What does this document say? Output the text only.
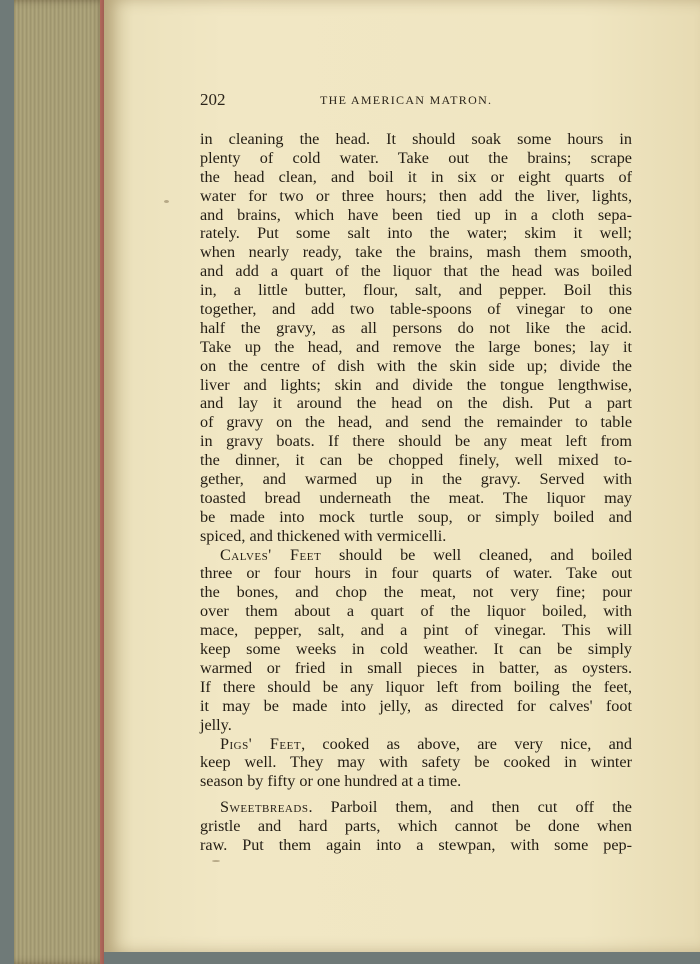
202	THE AMERICAN MATRON.
in cleaning the head. It should soak some hours in
plenty of cold water. Take out the brains; scrape
the head clean, and boil it in six or eight quarts of
water for two or three hours; then add the liver, lights,
and brains, which have been tied up in a cloth sepa-
rately. Put some salt into the water; skim it well;
when nearly ready, take the brains, mash them smooth,
and add a quart of the liquor that the head was boiled
in, a little butter, flour, salt, and pepper. Boil this
together, and add two table-spoons of vinegar to one
half the gravy, as all persons do not like the acid.
Take up the head, and remove the large bones; lay it
on the centre of dish with the skin side up; divide the
liver and lights; skin and divide the tongue lengthwise,
and lay it around the head on the dish. Put a part
of gravy on the head, and send the remainder to table
in gravy boats. If there should be any meat left from
the dinner, it can be chopped finely, well mixed to-
gether, and warmed up in the gravy. Served with
toasted bread underneath the meat. The liquor may
be made into mock turtle soup, or simply boiled and
spiced, and thickened with vermicelli.
Calves' Feet should be well cleaned, and boiled
three or four hours in four quarts of water. Take out
the bones, and chop the meat, not very fine; pour
over them about a quart of the liquor boiled, with
mace, pepper, salt, and a pint of vinegar. This will
keep some weeks in cold weather. It can be simply
warmed or fried in small pieces in batter, as oysters.
If there should be any liquor left from boiling the feet,
it may be made into jelly, as directed for calves' foot
jelly.
Pigs' Feet, cooked as above, are very nice, and
keep well. They may with safety be cooked in winter
season by fifty or one hundred at a time.
Sweetbreads. Parboil them, and then cut off the
gristle and hard parts, which cannot be done when
raw. Put them again into a stewpan, with some pep-
